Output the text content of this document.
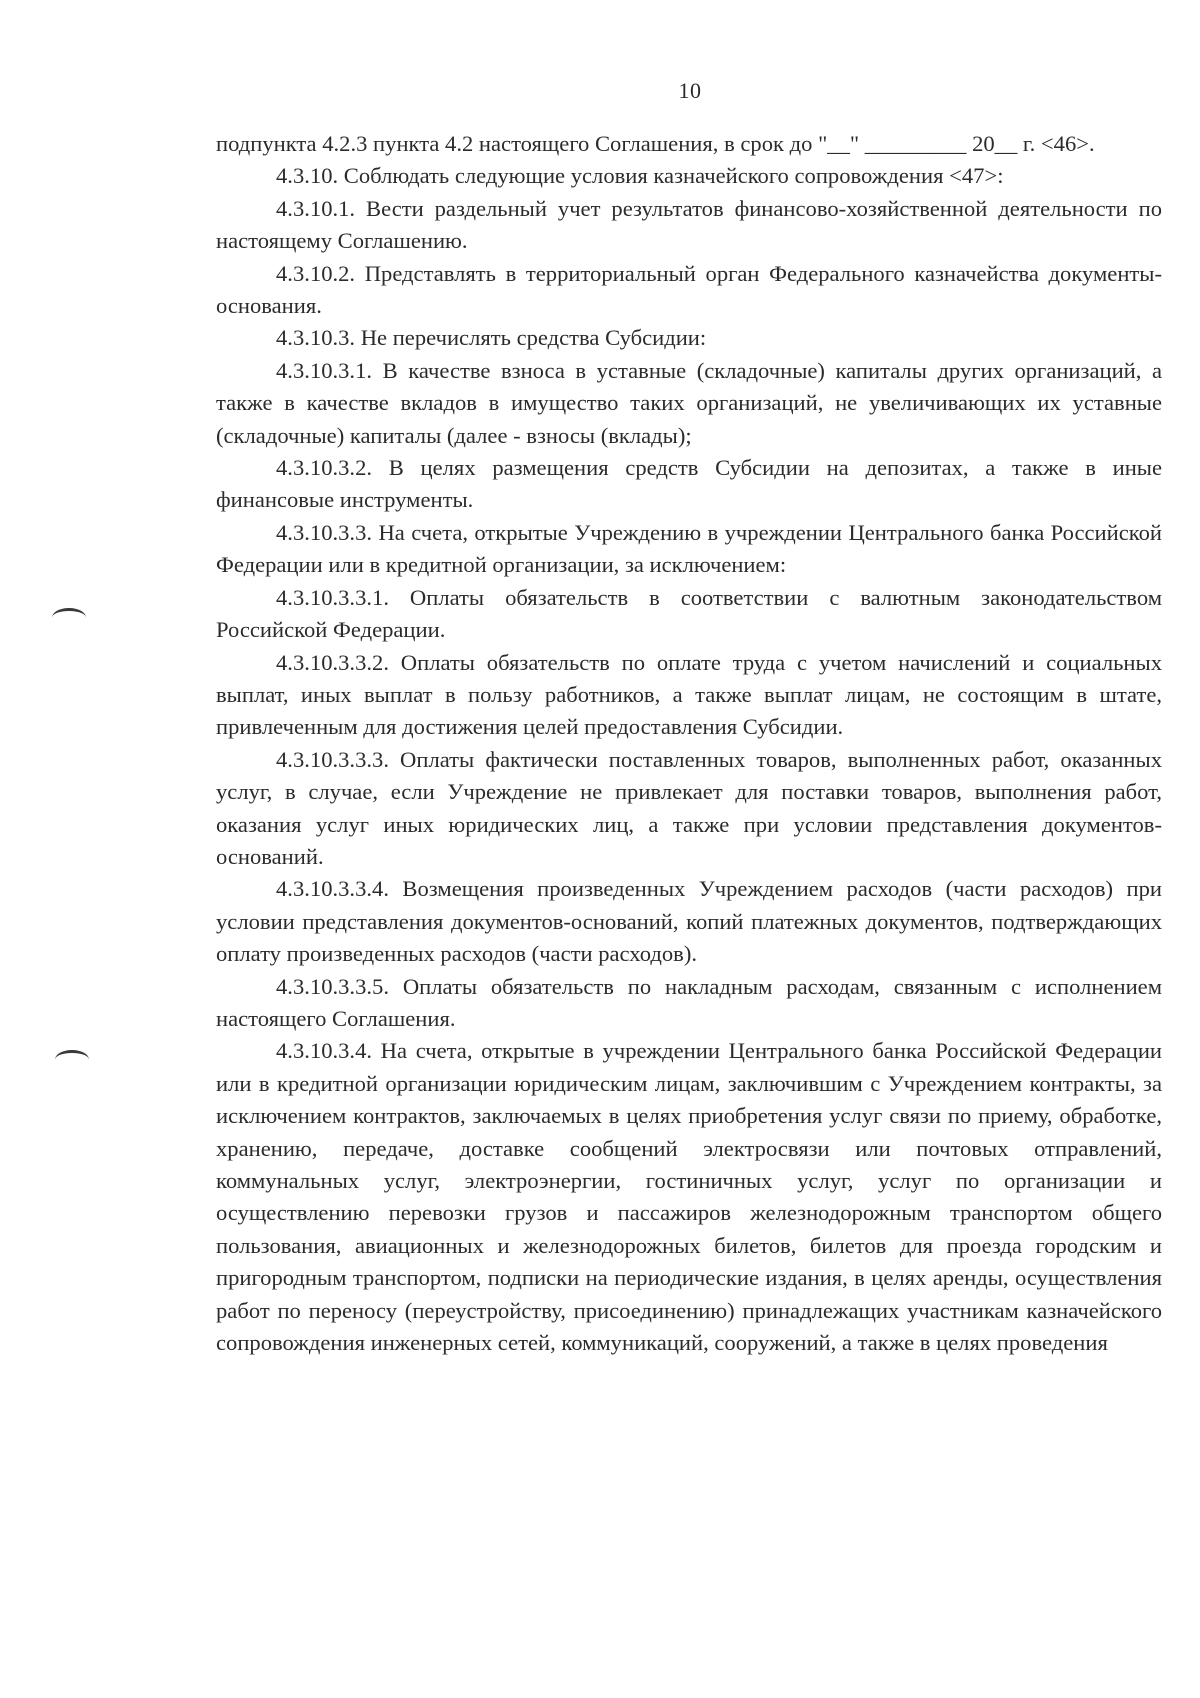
10

подпункта 4.2.3 пункта 4.2 настоящего Соглашения, в срок до "__" _________ 20__ г. <46>.

4.3.10. Соблюдать следующие условия казначейского сопровождения <47>:

4.3.10.1. Вести раздельный учет результатов финансово-хозяйственной деятельности по настоящему Соглашению.

4.3.10.2. Представлять в территориальный орган Федерального казначейства документы-основания.

4.3.10.3. Не перечислять средства Субсидии:

4.3.10.3.1. В качестве взноса в уставные (складочные) капиталы других организаций, а также в качестве вкладов в имущество таких организаций, не увеличивающих их уставные (складочные) капиталы (далее - взносы (вклады);

4.3.10.3.2. В целях размещения средств Субсидии на депозитах, а также в иные финансовые инструменты.

4.3.10.3.3. На счета, открытые Учреждению в учреждении Центрального банка Российской Федерации или в кредитной организации, за исключением:

4.3.10.3.3.1. Оплаты обязательств в соответствии с валютным законодательством Российской Федерации.

4.3.10.3.3.2. Оплаты обязательств по оплате труда с учетом начислений и социальных выплат, иных выплат в пользу работников, а также выплат лицам, не состоящим в штате, привлеченным для достижения целей предоставления Субсидии.

4.3.10.3.3.3. Оплаты фактически поставленных товаров, выполненных работ, оказанных услуг, в случае, если Учреждение не привлекает для поставки товаров, выполнения работ, оказания услуг иных юридических лиц, а также при условии представления документов-оснований.

4.3.10.3.3.4. Возмещения произведенных Учреждением расходов (части расходов) при условии представления документов-оснований, копий платежных документов, подтверждающих оплату произведенных расходов (части расходов).

4.3.10.3.3.5. Оплаты обязательств по накладным расходам, связанным с исполнением настоящего Соглашения.

4.3.10.3.4. На счета, открытые в учреждении Центрального банка Российской Федерации или в кредитной организации юридическим лицам, заключившим с Учреждением контракты, за исключением контрактов, заключаемых в целях приобретения услуг связи по приему, обработке, хранению, передаче, доставке сообщений электросвязи или почтовых отправлений, коммунальных услуг, электроэнергии, гостиничных услуг, услуг по организации и осуществлению перевозки грузов и пассажиров железнодорожным транспортом общего пользования, авиационных и железнодорожных билетов, билетов для проезда городским и пригородным транспортом, подписки на периодические издания, в целях аренды, осуществления работ по переносу (переустройству, присоединению) принадлежащих участникам казначейского сопровождения инженерных сетей, коммуникаций, сооружений, а также в целях проведения
